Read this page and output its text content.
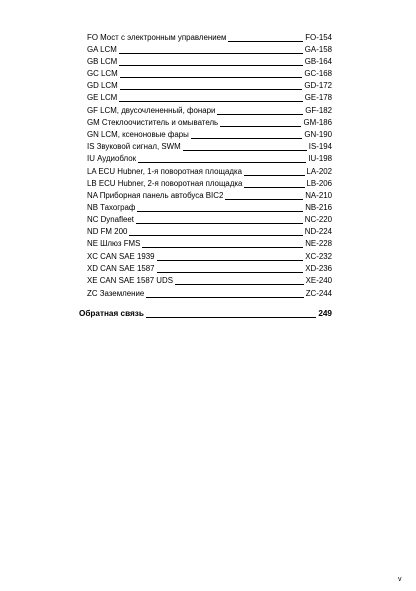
FO Мост с электронным управлением	FO-154
GA LCM	GA-158
GB LCM	GB-164
GC LCM	GC-168
GD LCM	GD-172
GE LCM	GE-178
GF LCM, двусочлененный, фонари	GF-182
GM Стеклоочиститель и омыватель	GM-186
GN LCM, ксеноновые фары	GN-190
IS Звуковой сигнал, SWM	IS-194
IU Аудиоблок	IU-198
LA ECU Hubner, 1-я поворотная площадка	LA-202
LB ECU Hubner, 2-я поворотная площадка	LB-206
NA Приборная панель автобуса BIC2	NA-210
NB Тахограф	NB-216
NC Dynafleet	NC-220
ND FM 200	ND-224
NE Шлюз FMS	NE-228
XC CAN SAE 1939	XC-232
XD CAN SAE 1587	XD-236
XE CAN SAE 1587 UDS	XE-240
ZC Заземление	ZC-244
Обратная связь	249
v
